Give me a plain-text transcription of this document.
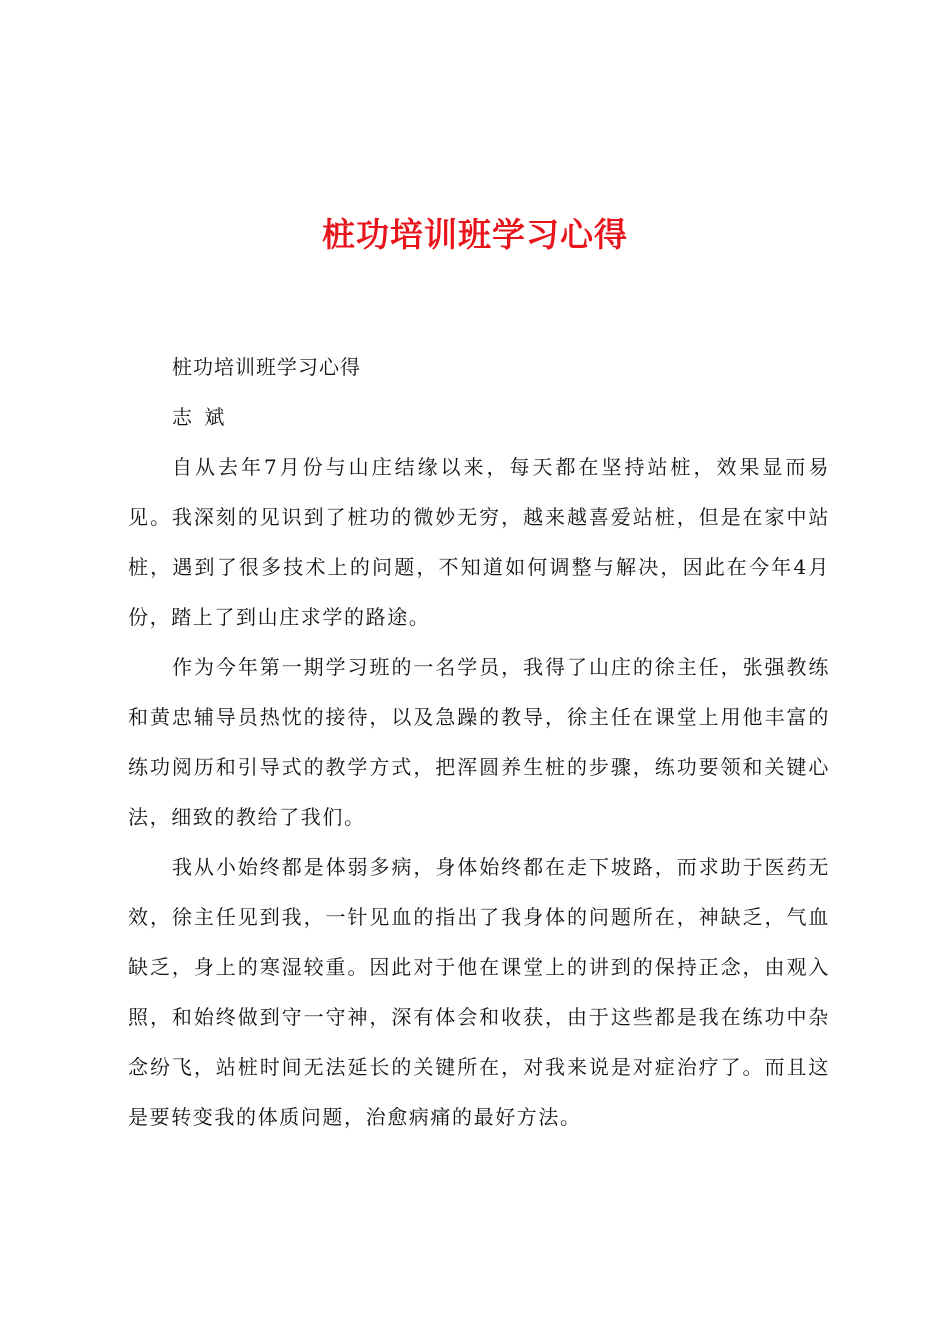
桩功培训班学习心得

桩功培训班学习心得

志 斌

自从去年7月份与山庄结缘以来，每天都在坚持站桩，效果显而易见。我深刻的见识到了桩功的微妙无穷，越来越喜爱站桩，但是在家中站桩，遇到了很多技术上的问题，不知道如何调整与解决，因此在今年4月份，踏上了到山庄求学的路途。

作为今年第一期学习班的一名学员，我得了山庄的徐主任，张强教练和黄忠辅导员热忱的接待，以及急躁的教导，徐主任在课堂上用他丰富的练功阅历和引导式的教学方式，把浑圆养生桩的步骤，练功要领和关键心法，细致的教给了我们。

我从小始终都是体弱多病，身体始终都在走下坡路，而求助于医药无效，徐主任见到我，一针见血的指出了我身体的问题所在，神缺乏，气血缺乏，身上的寒湿较重。因此对于他在课堂上的讲到的保持正念，由观入照，和始终做到守一守神，深有体会和收获，由于这些都是我在练功中杂念纷飞，站桩时间无法延长的关键所在，对我来说是对症治疗了。而且这是要转变我的体质问题，治愈病痛的最好方法。
